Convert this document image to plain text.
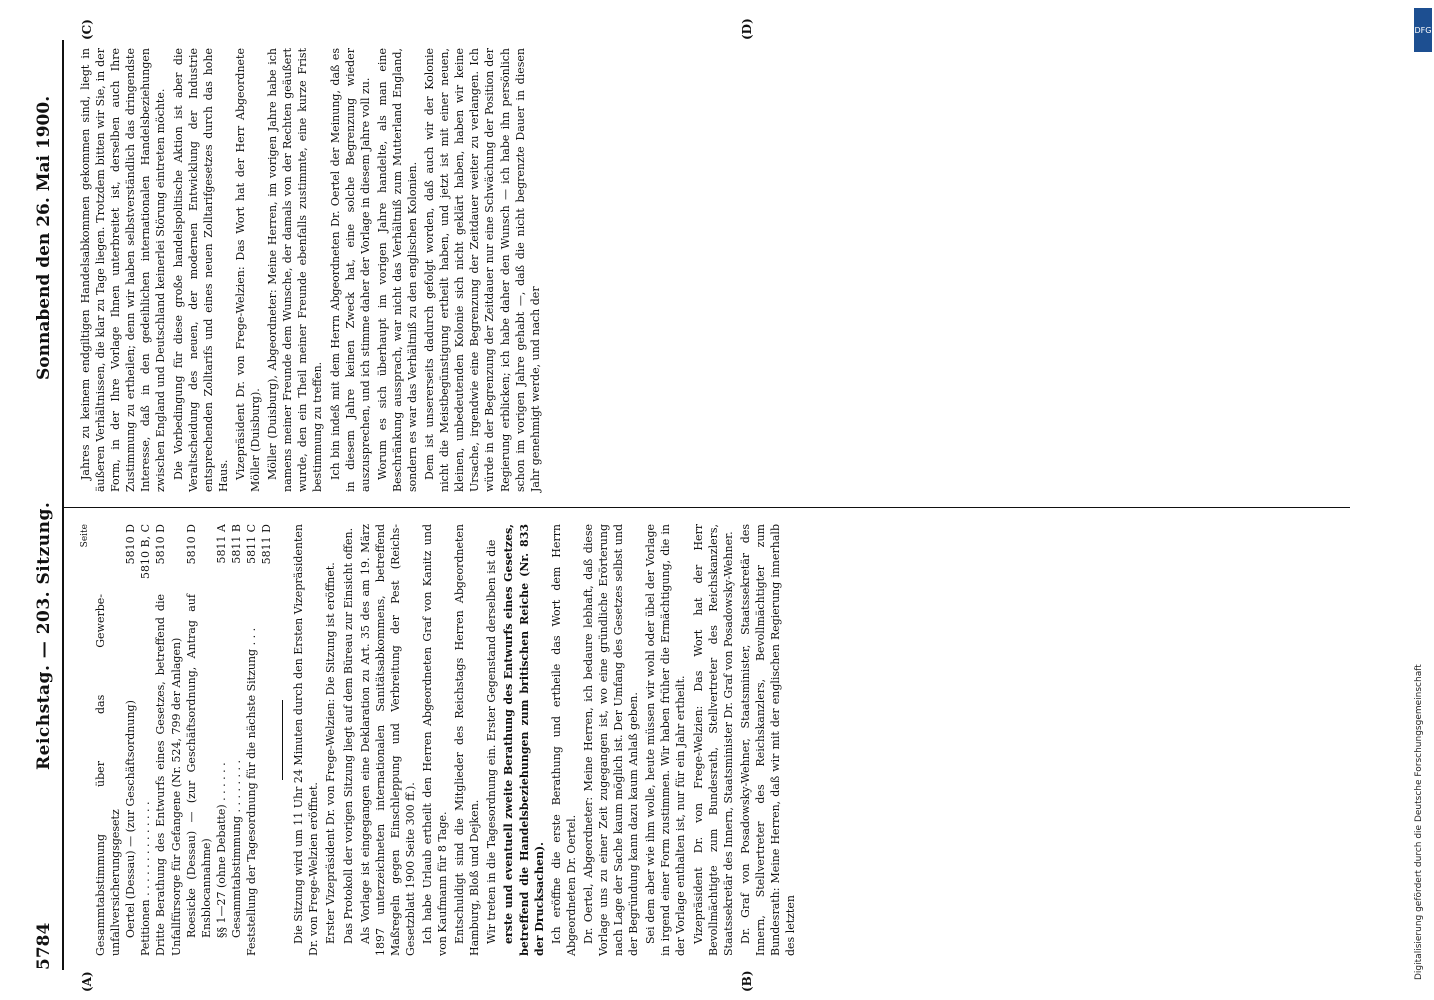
5784
Reichstag. — 203. Sitzung.
Sonnabend den 26. Mai 1900.
(A)	(B)
(C)	(D)
Seite
Gesammtabstimmung über das Gewerbe-unfallversicherungsgesetz Oertel (Dessau) — (zur Geschäftsordnung)
5810 D
Petitionen . . . . . . . . . . . . . .
5810 B, C
Dritte Berathung des Entwurfs eines Gesetzes, betreffend die Unfallfürsorge für Gefangene (Nr. 524, 799 der Anlagen)
5810 D
Roesicke (Dessau) — (zur Geschäftsordnung, Antrag auf Ensblocannahme)
5810 D
§§ 1—27 (ohne Debatte) . . . . . .
5811 A
Gesammtabstimmung . . . . . . . .
5811 B
Feststellung der Tagesordnung für die nächste Sitzung . . .
5811 C 5811 D Die Sitzung wird um 11 Uhr 24 Minuten durch den Ersten Vizepräsidenten Dr. von Frege-Welzien eröffnet. Erster Vizepräsident Dr. von Frege-Welzien: Die Sitzung ist eröffnet. Das Protokoll der vorigen Sitzung liegt auf dem Büreau zur Einsicht offen. Als Vorlage ist eingegangen eine Deklaration zu Art. 35 des am 19. März 1897 unterzeichneten internationalen Sanitätsabkommens, betreffend Maßregeln gegen Einschleppung und Verbreitung der Pest (Reichs-Gesetzblatt 1900 Seite 300 ff.). Ich habe Urlaub ertheilt den Herren Abgeordneten Graf von Kanitz und von Kaufmann für 8 Tage. Entschuldigt sind die Mitglieder des Reichstags Herren Abgeordneten Hamburg, Bloß und Dejken. Wir treten in die Tagesordnung ein. Erster Gegenstand derselben ist die erste und eventuell zweite Berathung des Entwurfs eines Gesetzes, betreffend die Handelsbeziehungen zum britischen Reiche (Nr. 833 der Drucksachen). Ich eröffne die erste Berathung und ertheile das Wort dem Herrn Abgeordneten Dr. Oertel. Dr. Oertel, Abgeordneter: Meine Herren, ich bedaure lebhaft, daß diese Vorlage uns zu einer Zeit zugegangen ist, wo eine gründliche Erörterung nach Lage der Sache kaum möglich ist. Der Umfang des Gesetzes selbst und der Begründung kann dazu kaum Anlaß geben. Sei dem aber wie ihm wolle, heute müssen wir wohl oder übel der Vorlage in irgend einer Form zustimmen. Wir haben früher die Ermächtigung, die in der Vorlage enthalten ist, nur für ein Jahr ertheilt. Vizepräsident Dr. von Frege-Welzien: Das Wort hat der Herr Bevollmächtigte zum Bundesrath, Stellvertreter des Reichskanzlers, Staatssekretär des Innern, Staatsminister Dr. Graf von Posadowsky-Wehner. Dr. Graf von Posadowsky-Wehner, Staatsminister, Staatssekretär des Innern, Stellvertreter des Reichskanzlers, Bevollmächtigter zum Bundesrath: Meine Herren, daß wir mit der englischen Regierung innerhalb des letzten

Jahres zu keinem endgiltigen Handelsabkommen gekommen sind, liegt in äußeren Verhältnissen, die klar zu Tage liegen. Trotzdem bitten wir Sie, in der Form, in der Ihre Vorlage Ihnen unterbreitet ist, derselben auch Ihre Zustimmung zu ertheilen; denn wir haben selbstverständlich das dringendste Interesse, daß in den gedeihlichen internationalen Handelsbeziehungen zwischen England und Deutschland keinerlei Störung eintreten möchte. Die Vorbedingung für diese große handelspolitische Aktion ist aber die Veraltscheidung des neuen, der modernen Entwicklung der Industrie entsprechenden Zolltarifs und eines neuen Zolltarifgesetzes durch das hohe Haus. Vizepräsident Dr. von Frege-Welzien: Das Wort hat der Herr Abgeordnete Möller (Duisburg). Möller (Duisburg), Abgeordneter: Meine Herren, im vorigen Jahre habe ich namens meiner Freunde dem Wunsche, der damals von der Rechten geäußert wurde, den ein Theil meiner Freunde ebenfalls zustimmte, eine kurze Frist bestimmung zu treffen. Ich bin indeß mit dem Herrn Abgeordneten Dr. Oertel der Meinung, daß es in diesem Jahre keinen Zweck hat, eine solche Begrenzung wieder auszusprechen, und ich stimme daher der Vorlage in diesem Jahre voll zu. Worum es sich überhaupt im vorigen Jahre handelte, als man eine Beschränkung aussprach, war nicht das Verhältniß zum Mutterland England, sondern es war das Verhältniß zu den englischen Kolonien. Dem ist unsererseits dadurch gefolgt worden, daß auch wir der Kolonie nicht die Meistbegünstigung ertheilt haben, und jetzt ist mit einer neuen, kleinen, unbedeutenden Kolonie sich nicht geklärt haben, haben wir keine Ursache, irgendwie eine Begrenzung der Zeitdauer weiter zu verlangen. Ich würde in der Begrenzung der Zeitdauer nur eine Schwächung der Position der Regierung erblicken; ich habe daher den Wunsch — ich habe ihn persönlich schon im vorigen Jahre gehabt —, daß die nicht begrenzte Dauer in diesen Jahr genehmigt werde, und nach der

DFG
Digitalisierung gefördert durch die Deutsche Forschungsgemeinschaft
